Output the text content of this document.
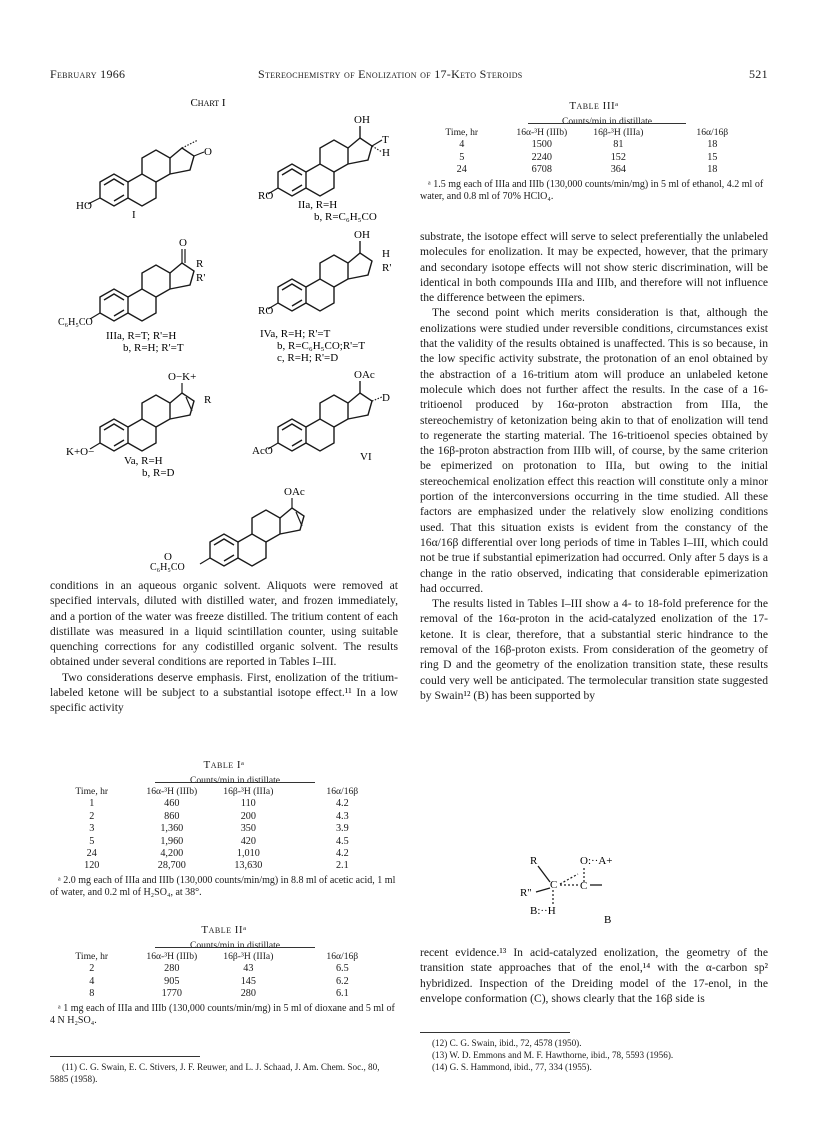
February 1966	Stereochemistry of Enolization of 17-Keto Steroids	521
Chart I
O
HO
I
OH
T
H
RO
IIa, R=H
b, R=C₆H₅CO
O
R
R'
C₆H₅CO
IIIa, R=T; R'=H
b, R=H; R'=T
OH
H
R'
RO
IVa, R=H; R'=T
b, R=C₆H₅CO;R'=T
c, R=H; R'=D
O−K+
R
K+O−
Va, R=H
b, R=D
OAc
D
AcO	VI
OAc
O
C₆H₅CO

conditions in an aqueous organic solvent. Aliquots were removed at specified intervals, diluted with distilled water, and frozen immediately, and a portion of the water was freeze distilled. The tritium content of each distillate was measured in a liquid scintillation counter, using suitable quenching corrections for any codistilled organic solvent. The results obtained under several conditions are reported in Tables I–III.

Two considerations deserve emphasis. First, enolization of the tritium-labeled ketone will be subject to a substantial isotope effect.¹¹ In a low specific activity

Table Iᵃ
Counts/min in distillate
Time, hr	16α-³H (IIIb)	16β-³H (IIIa)	16α/16β
1	460	110	4.2
2	860	200	4.3
3	1,360	350	3.9
5	1,960	420	4.5
24	4,200	1,010	4.2
120	28,700	13,630	2.1
ᵃ 2.0 mg each of IIIa and IIIb (130,000 counts/min/mg) in 8.8 ml of acetic acid, 1 ml of water, and 0.2 ml of H₂SO₄, at 38°.
Table IIᵃ
Counts/min in distillate
Time, hr	16α-³H (IIIb)	16β-³H (IIIa)	16α/16β
2	280	43	6.5
4	905	145	6.2
8	1770	280	6.1
ᵃ 1 mg each of IIIa and IIIb (130,000 counts/min/mg) in 5 ml of dioxane and 5 ml of 4 N H₂SO₄.
(11) C. G. Swain, E. C. Stivers, J. F. Reuwer, and L. J. Schaad, J. Am. Chem. Soc., 80, 5885 (1958).
Table IIIᵃ
Counts/min in distillate
Time, hr	16α-³H (IIIb)	16β-³H (IIIa)	16α/16β
4	1500	81	18
5	2240	152	15
24	6708	364	18
ᵃ 1.5 mg each of IIIa and IIIb (130,000 counts/min/mg) in 5 ml of ethanol, 4.2 ml of water, and 0.8 ml of 70% HClO₄.

substrate, the isotope effect will serve to select preferentially the unlabeled molecules for enolization. It may be expected, however, that the primary and secondary isotope effects will not show steric discrimination, will be identical in both compounds IIIa and IIIb, and therefore will not influence the difference between the epimers.

The second point which merits consideration is that, although the enolizations were studied under reversible conditions, circumstances exist that the validity of the results obtained is unaffected. This is so because, in the low specific activity substrate, the protonation of an enol obtained by the abstraction of a 16-tritium atom will produce an unlabeled ketone molecule which does not further affect the results. In the case of a 16-tritioenol produced by 16α-proton abstraction from IIIa, the stereochemistry of ketonization being akin to that of enolization will tend to regenerate the starting material. The 16-tritioenol species obtained by the 16β-proton abstraction from IIIb will, of course, by the same criterion be epimerized on protonation to IIIa, but owing to the initial stereochemical enolization effect this reaction will constitute only a minor portion of the interconversions occurring in the time studied. All these factors are emphasized under the relatively slow enolizing conditions used. That this situation exists is evident from the constancy of the 16α/16β differential over long periods of time in Tables I–III, which could not be true if substantial epimerization had occurred. Only after 5 days is a change in the ratio observed, indicating that considerable epimerization had occurred.

The results listed in Tables I–III show a 4- to 18-fold preference for the removal of the 16α-proton in the acid-catalyzed enolization of the 17-ketone. It is clear, therefore, that a substantial steric hindrance to the removal of the 16β-proton exists. From consideration of the geometry of ring D and the geometry of the enolization transition state, these results could very well be anticipated. The termolecular transition state suggested by Swain¹² (B) has been supported by

R
C
O:··A+
C
R''
B:··H
B

recent evidence.¹³ In acid-catalyzed enolization, the geometry of the transition state approaches that of the enol,¹⁴ with the α-carbon sp² hybridized. Inspection of the Dreiding model of the 17-enol, in the envelope conformation (C), shows clearly that the 16β side is

(12) C. G. Swain, ibid., 72, 4578 (1950).
(13) W. D. Emmons and M. F. Hawthorne, ibid., 78, 5593 (1956).
(14) G. S. Hammond, ibid., 77, 334 (1955).
